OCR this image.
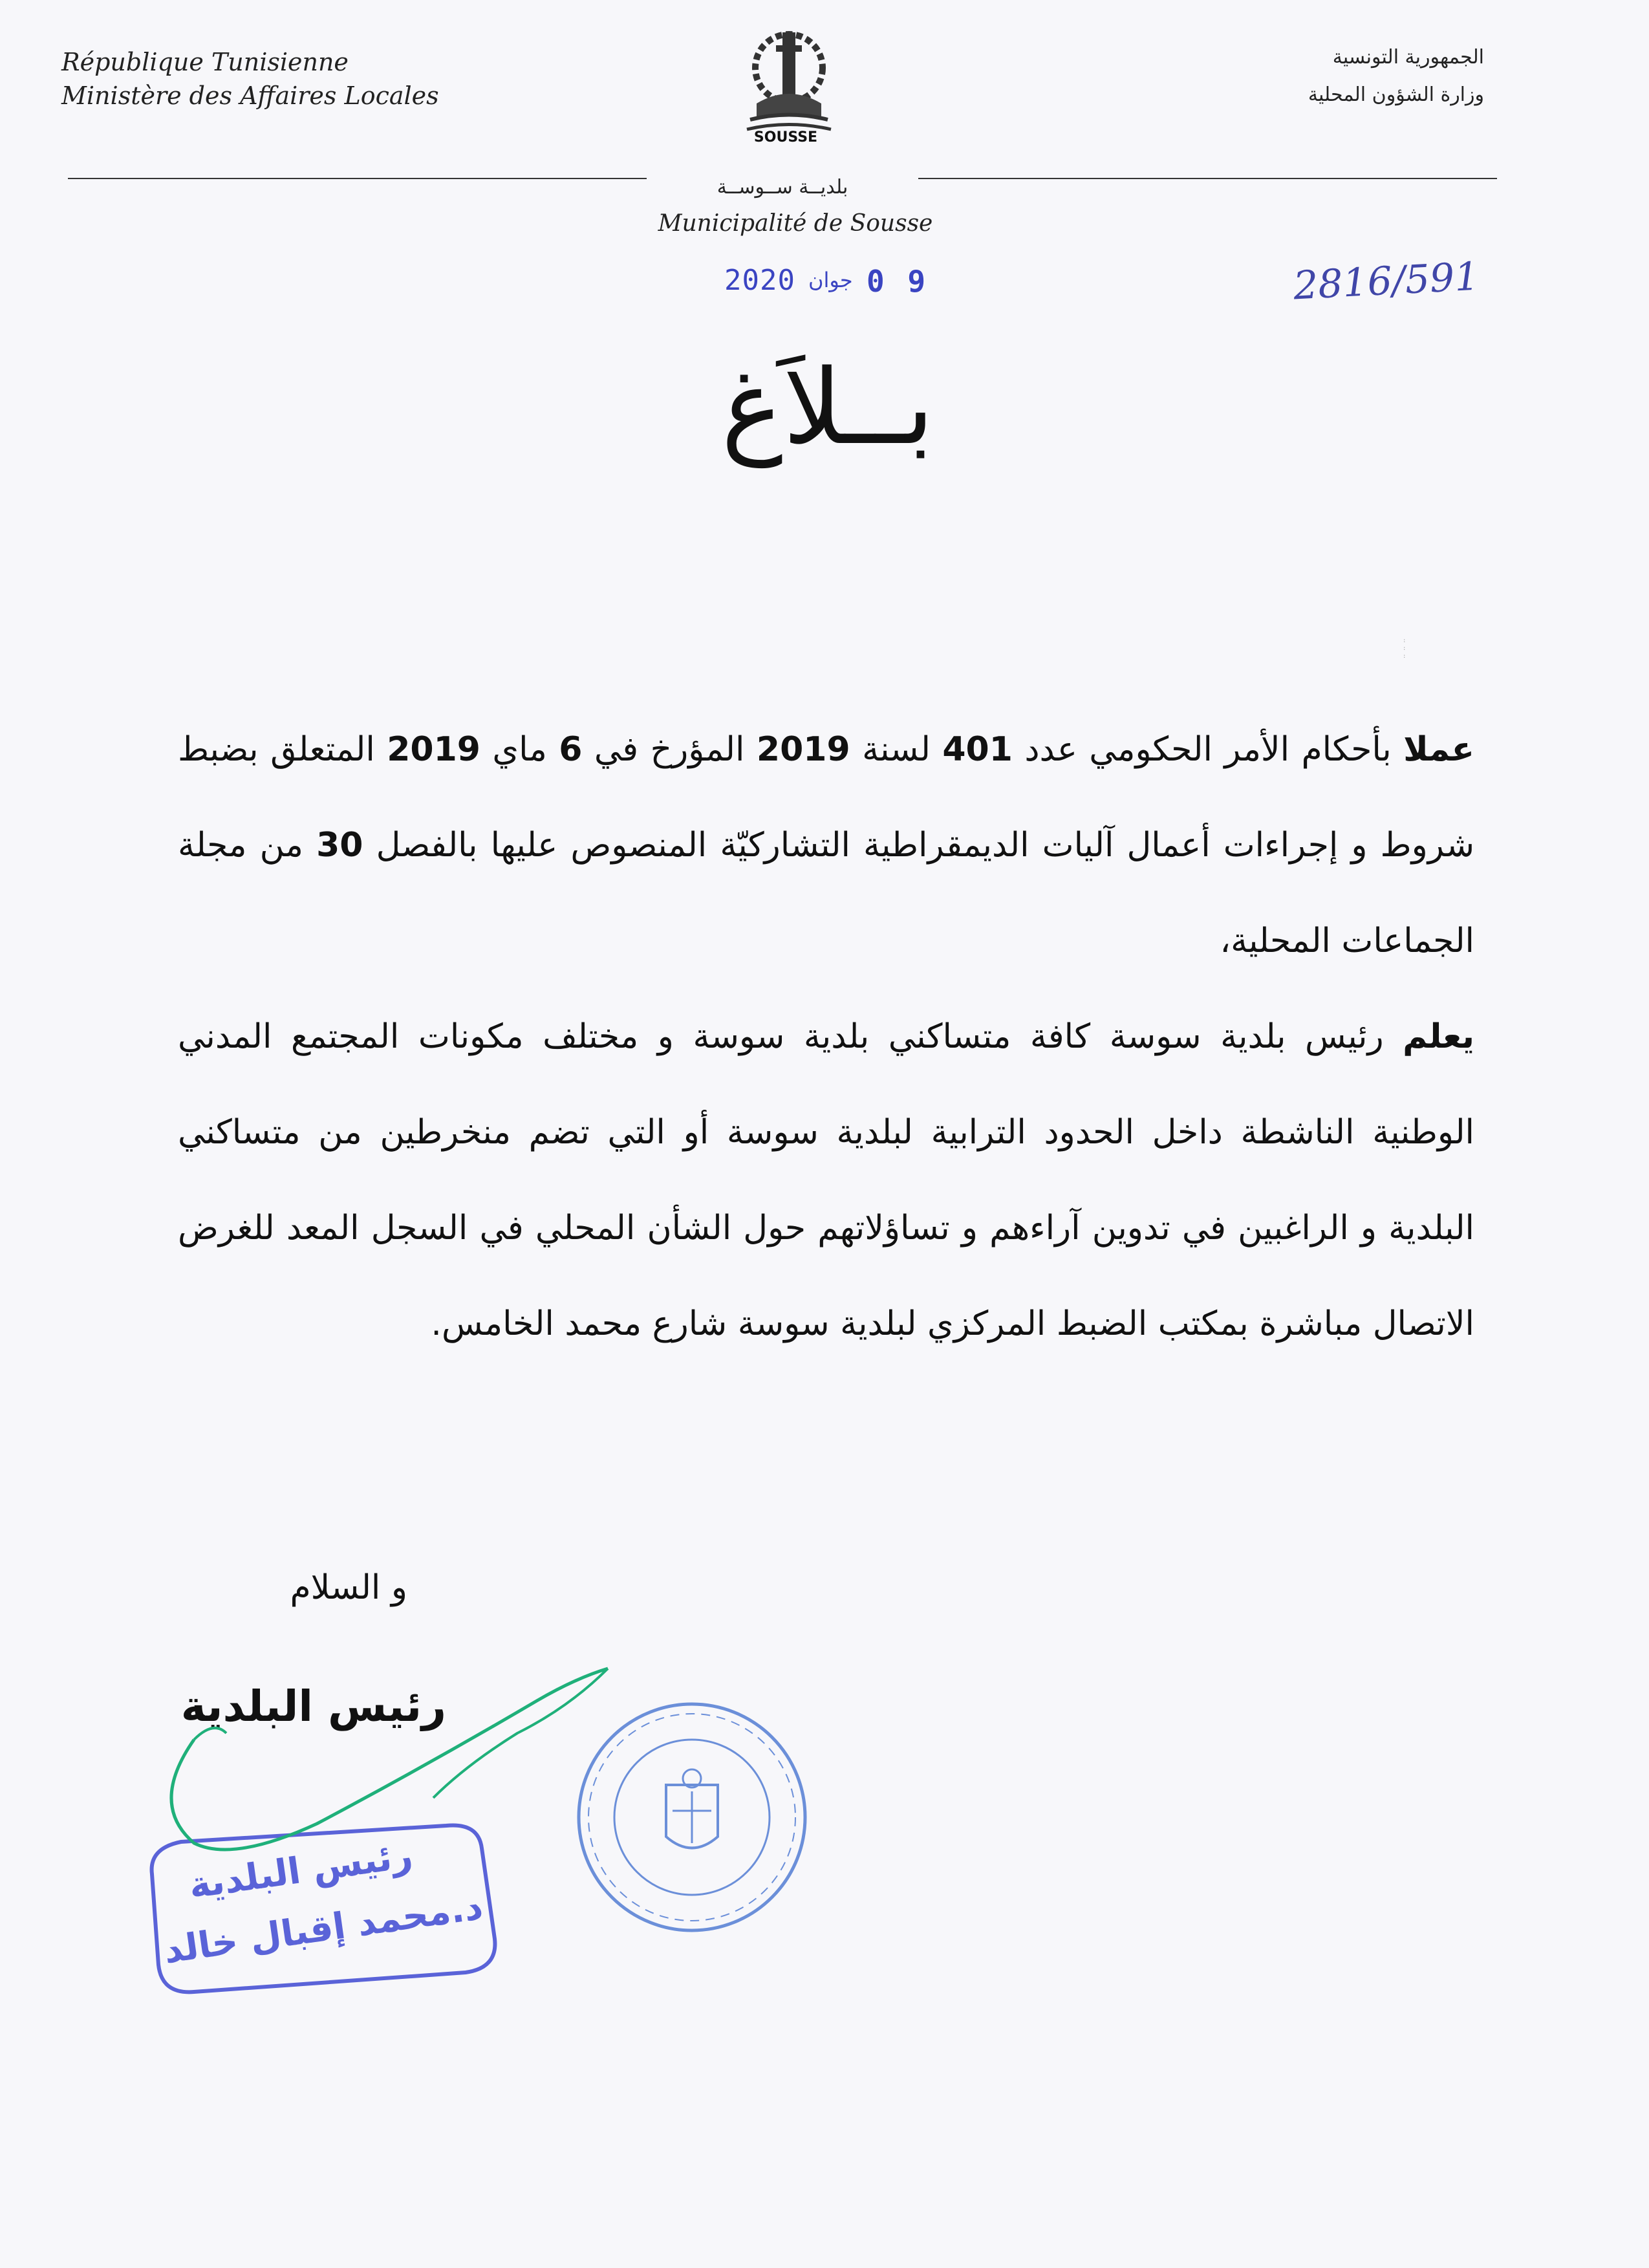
République Tunisienne
Ministère des Affaires Locales
الجمهورية التونسية
وزارة الشؤون المحلية
SOUSSE
بلديــة ســوســة
Municipalité de Sousse
2020 جوان 0 9	2816/591
:
:
:
بــلاَغ

عملا بأحكام الأمر الحكومي عدد 401 لسنة 2019 المؤرخ في 6 ماي 2019 المتعلق بضبط شروط و إجراءات أعمال آليات الديمقراطية التشاركيّة المنصوص عليها بالفصل 30 من مجلة الجماعات المحلية،

يعلم رئيس بلدية سوسة كافة متساكني بلدية سوسة و مختلف مكونات المجتمع المدني الوطنية الناشطة داخل الحدود الترابية لبلدية سوسة أو التي تضم منخرطين من متساكني البلدية و الراغبين في تدوين آراءهم و تساؤلاتهم حول الشأن المحلي في السجل المعد للغرض الاتصال مباشرة بمكتب الضبط المركزي لبلدية سوسة شارع محمد الخامس.

و السلام
رئيس البلدية
رئيس البلدية
د.محمد إقبال خالد
